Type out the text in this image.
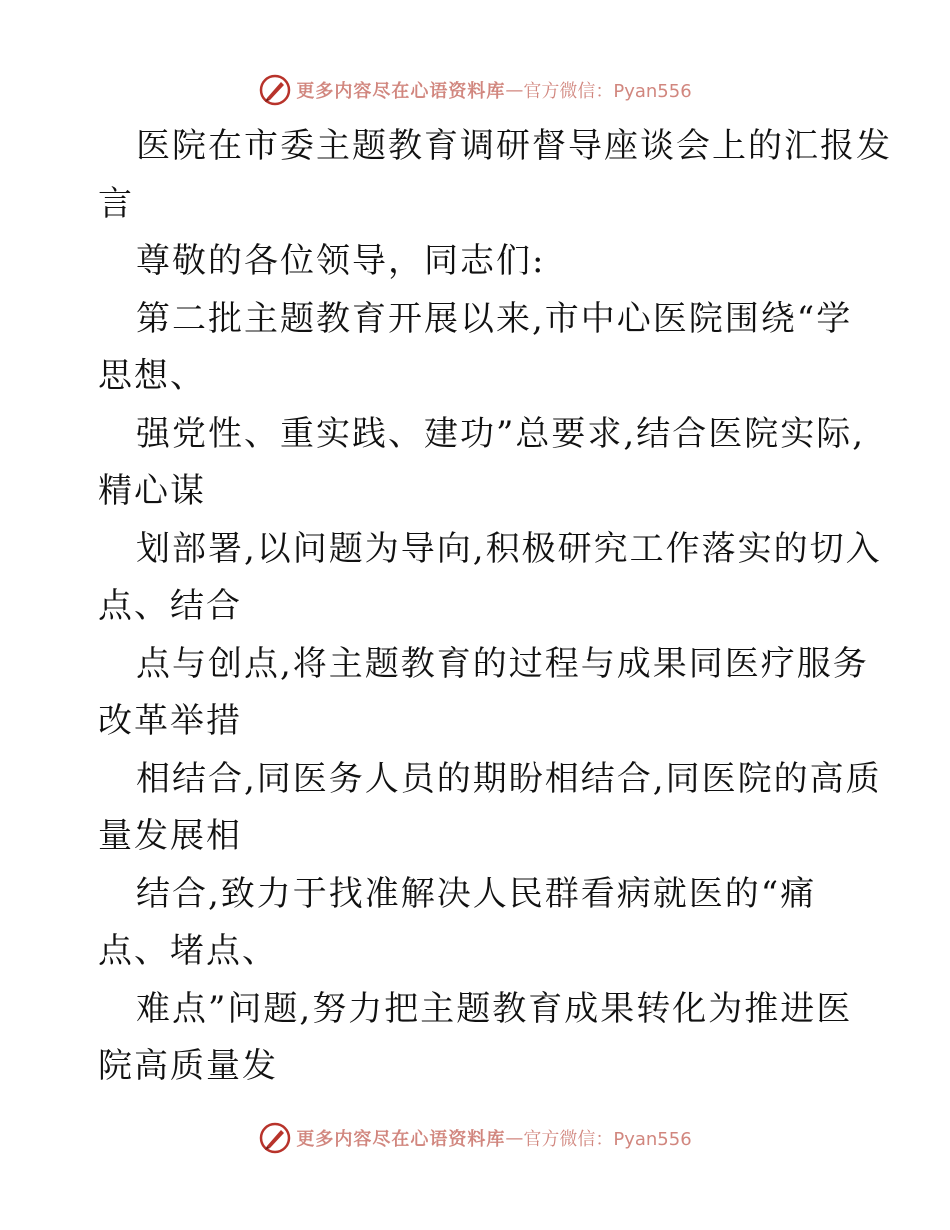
更多内容尽在心语资料库 — 官方微信：Pyan556
医院在市委主题教育调研督导座谈会上的汇报发
言
尊敬的各位领导，同志们:
第二批主题教育开展以来,市中心医院围绕“学
思想、
强党性、重实践、建功”总要求,结合医院实际,
精心谋
划部署,以问题为导向,积极研究工作落实的切入
点、结合
点与创点,将主题教育的过程与成果同医疗服务
改革举措
相结合,同医务人员的期盼相结合,同医院的高质
量发展相
结合,致力于找准解决人民群看病就医的“痛
点、堵点、
难点”问题,努力把主题教育成果转化为推进医
院高质量发
更多内容尽在心语资料库 — 官方微信：Pyan556
